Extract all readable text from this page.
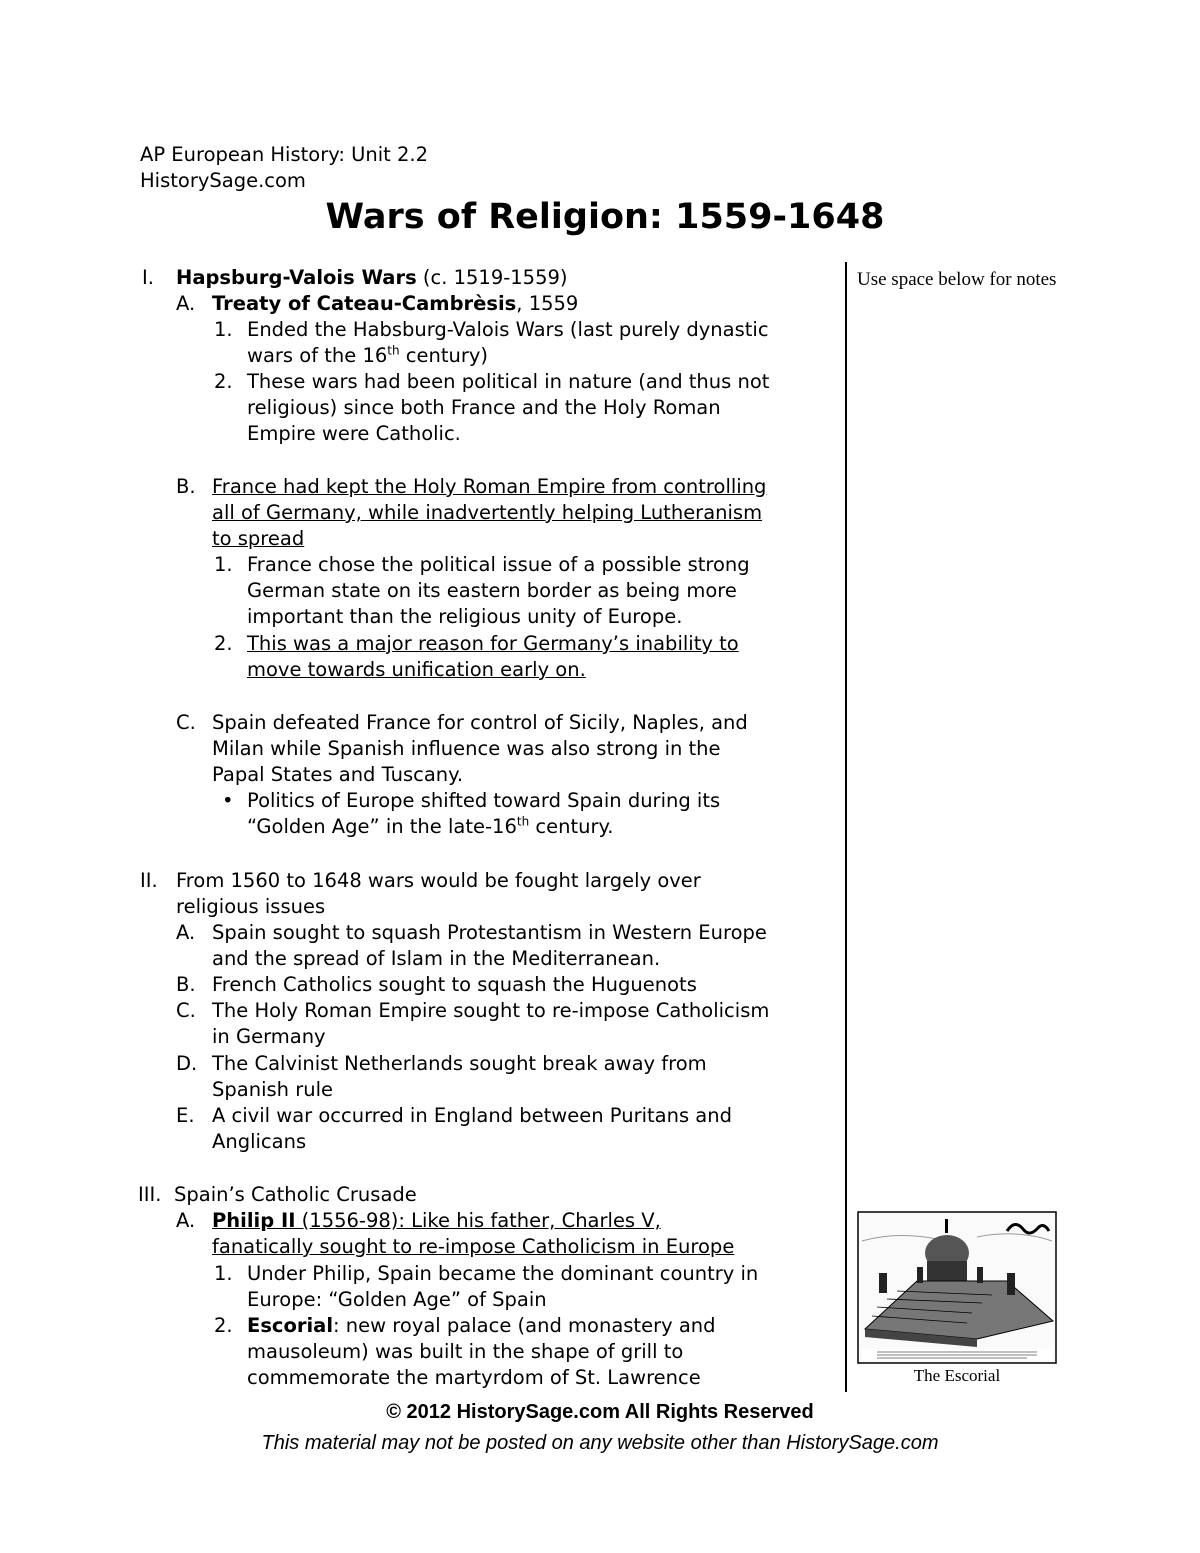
AP European History: Unit 2.2
HistorySage.com
Wars of Religion: 1559-1648
Use space below for notes
I. Hapsburg-Valois Wars (c. 1519-1559)
A. Treaty of Cateau-Cambrèsis, 1559
1. Ended the Habsburg-Valois Wars (last purely dynastic
wars of the 16th century)
2. These wars had been political in nature (and thus not
religious) since both France and the Holy Roman
Empire were Catholic.
B. France had kept the Holy Roman Empire from controlling
all of Germany, while inadvertently helping Lutheranism
to spread
1. France chose the political issue of a possible strong
German state on its eastern border as being more
important than the religious unity of Europe.
2. This was a major reason for Germany’s inability to
move towards unification early on.
C. Spain defeated France for control of Sicily, Naples, and
Milan while Spanish influence was also strong in the
Papal States and Tuscany.
• Politics of Europe shifted toward Spain during its
“Golden Age” in the late-16th century.
II. From 1560 to 1648 wars would be fought largely over
religious issues
A. Spain sought to squash Protestantism in Western Europe
and the spread of Islam in the Mediterranean.
B. French Catholics sought to squash the Huguenots
C. The Holy Roman Empire sought to re-impose Catholicism
in Germany
D. The Calvinist Netherlands sought break away from
Spanish rule
E. A civil war occurred in England between Puritans and
Anglicans
III. Spain’s Catholic Crusade
A. Philip II (1556-98): Like his father, Charles V,
fanatically sought to re-impose Catholicism in Europe
1. Under Philip, Spain became the dominant country in
Europe: “Golden Age” of Spain
2. Escorial: new royal palace (and monastery and
mausoleum) was built in the shape of grill to
commemorate the martyrdom of St. Lawrence	The Escorial
© 2012 HistorySage.com All Rights Reserved
This material may not be posted on any website other than HistorySage.com
